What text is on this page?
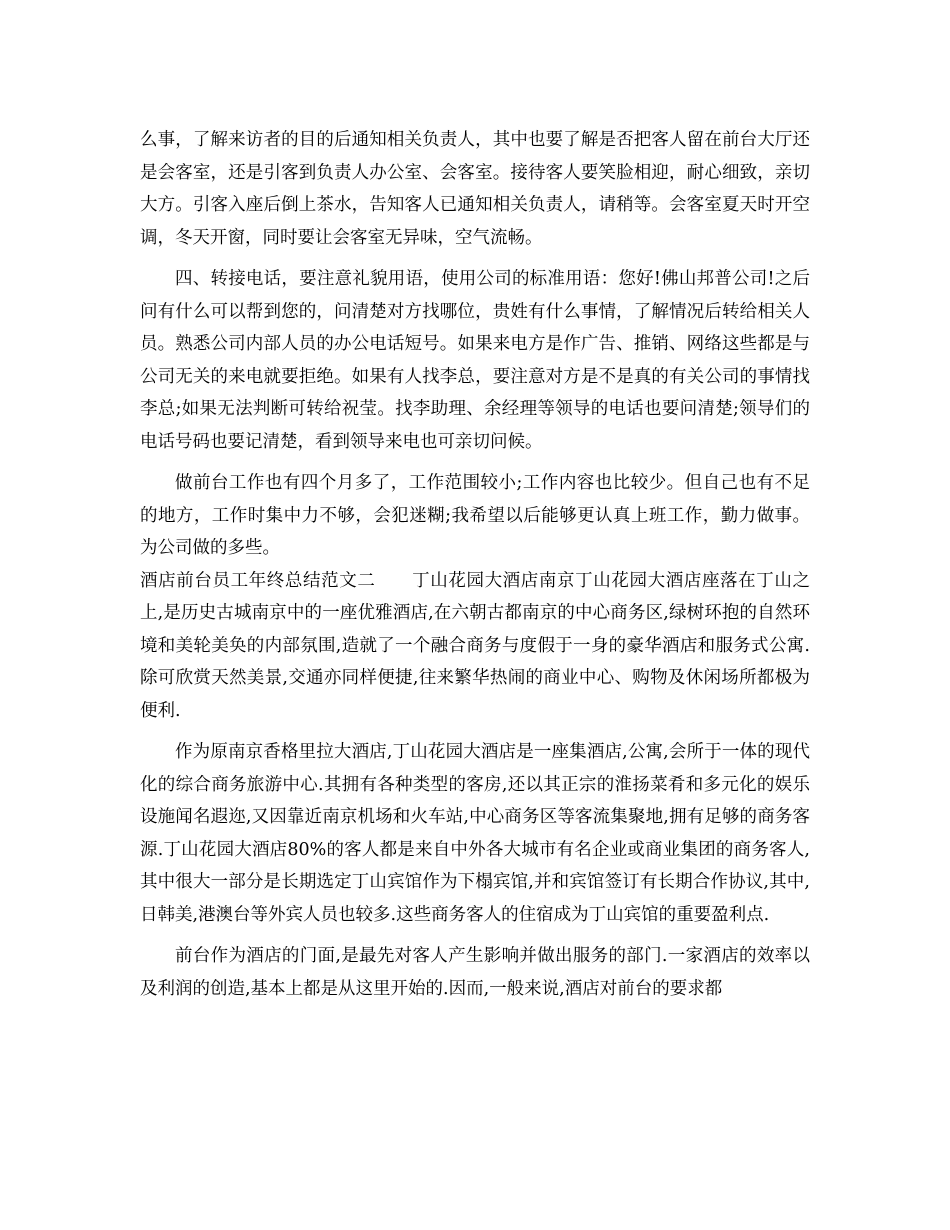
么事，了解来访者的目的后通知相关负责人，其中也要了解是否把客人留在前台大厅还是会客室，还是引客到负责人办公室、会客室。接待客人要笑脸相迎，耐心细致，亲切大方。引客入座后倒上茶水，告知客人已通知相关负责人，请稍等。会客室夏天时开空调，冬天开窗，同时要让会客室无异味，空气流畅。

四、转接电话，要注意礼貌用语，使用公司的标准用语：您好!佛山邦普公司!之后问有什么可以帮到您的，问清楚对方找哪位，贵姓有什么事情，了解情况后转给相关人员。熟悉公司内部人员的办公电话短号。如果来电方是作广告、推销、网络这些都是与公司无关的来电就要拒绝。如果有人找李总，要注意对方是不是真的有关公司的事情找李总;如果无法判断可转给祝莹。找李助理、余经理等领导的电话也要问清楚;领导们的电话号码也要记清楚，看到领导来电也可亲切问候。

做前台工作也有四个月多了，工作范围较小;工作内容也比较少。但自己也有不足的地方，工作时集中力不够，会犯迷糊;我希望以后能够更认真上班工作，勤力做事。为公司做的多些。

酒店前台员工年终总结范文二 丁山花园大酒店南京丁山花园大酒店座落在丁山之上,是历史古城南京中的一座优雅酒店,在六朝古都南京的中心商务区,绿树环抱的自然环境和美轮美奂的内部氛围,造就了一个融合商务与度假于一身的豪华酒店和服务式公寓.除可欣赏天然美景,交通亦同样便捷,往来繁华热闹的商业中心、购物及休闲场所都极为便利.

作为原南京香格里拉大酒店,丁山花园大酒店是一座集酒店,公寓,会所于一体的现代化的综合商务旅游中心.其拥有各种类型的客房,还以其正宗的淮扬菜肴和多元化的娱乐设施闻名遐迩,又因靠近南京机场和火车站,中心商务区等客流集聚地,拥有足够的商务客源.丁山花园大酒店80%的客人都是来自中外各大城市有名企业或商业集团的商务客人,其中很大一部分是长期选定丁山宾馆作为下榻宾馆,并和宾馆签订有长期合作协议,其中,日韩美,港澳台等外宾人员也较多.这些商务客人的住宿成为丁山宾馆的重要盈利点.

前台作为酒店的门面,是最先对客人产生影响并做出服务的部门.一家酒店的效率以及利润的创造,基本上都是从这里开始的.因而,一般来说,酒店对前台的要求都
